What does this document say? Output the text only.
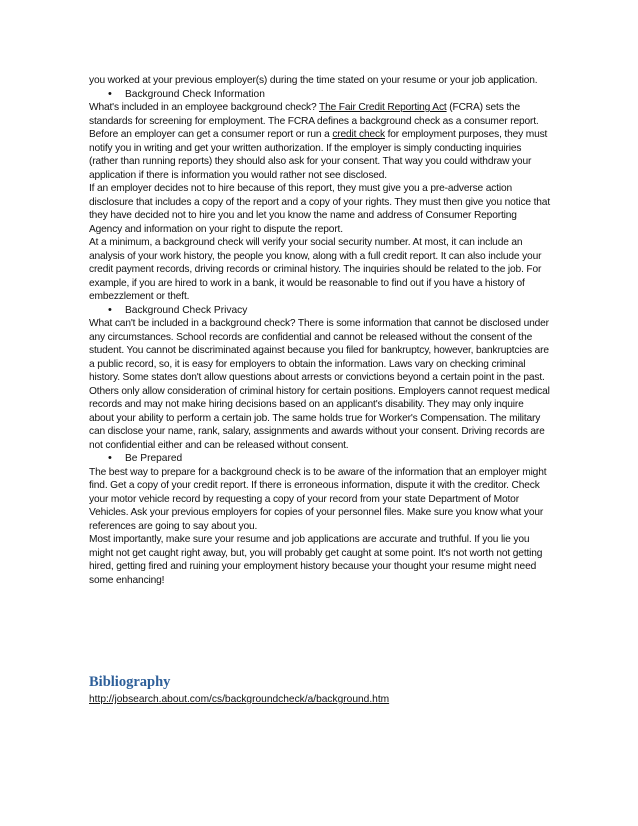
you worked at your previous employer(s) during the time stated on your resume or your job application.

• Background Check Information

What's included in an employee background check? The Fair Credit Reporting Act (FCRA) sets the standards for screening for employment. The FCRA defines a background check as a consumer report. Before an employer can get a consumer report or run a credit check for employment purposes, they must notify you in writing and get your written authorization. If the employer is simply conducting inquiries (rather than running reports) they should also ask for your consent. That way you could withdraw your application if there is information you would rather not see disclosed.

If an employer decides not to hire because of this report, they must give you a pre-adverse action disclosure that includes a copy of the report and a copy of your rights. They must then give you notice that they have decided not to hire you and let you know the name and address of Consumer Reporting Agency and information on your right to dispute the report.

At a minimum, a background check will verify your social security number. At most, it can include an analysis of your work history, the people you know, along with a full credit report. It can also include your credit payment records, driving records or criminal history. The inquiries should be related to the job. For example, if you are hired to work in a bank, it would be reasonable to find out if you have a history of embezzlement or theft.

• Background Check Privacy

What can't be included in a background check? There is some information that cannot be disclosed under any circumstances. School records are confidential and cannot be released without the consent of the student. You cannot be discriminated against because you filed for bankruptcy, however, bankruptcies are a public record, so, it is easy for employers to obtain the information. Laws vary on checking criminal history. Some states don't allow questions about arrests or convictions beyond a certain point in the past. Others only allow consideration of criminal history for certain positions. Employers cannot request medical records and may not make hiring decisions based on an applicant's disability. They may only inquire about your ability to perform a certain job. The same holds true for Worker's Compensation. The military can disclose your name, rank, salary, assignments and awards without your consent. Driving records are not confidential either and can be released without consent.

• Be Prepared

The best way to prepare for a background check is to be aware of the information that an employer might find. Get a copy of your credit report. If there is erroneous information, dispute it with the creditor. Check your motor vehicle record by requesting a copy of your record from your state Department of Motor Vehicles. Ask your previous employers for copies of your personnel files. Make sure you know what your references are going to say about you.

Most importantly, make sure your resume and job applications are accurate and truthful. If you lie you might not get caught right away, but, you will probably get caught at some point. It's not worth not getting hired, getting fired and ruining your employment history because your thought your resume might need some enhancing!

Bibliography
http://jobsearch.about.com/cs/backgroundcheck/a/background.htm
